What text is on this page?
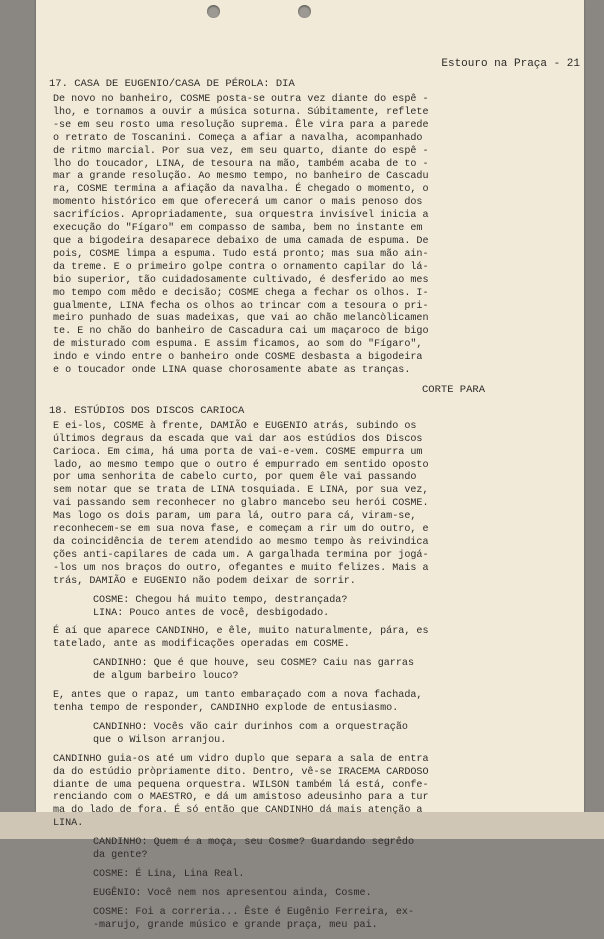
Estouro na Praça - 21
17. CASA DE EUGENIO/CASA DE PÉROLA: DIA
De novo no banheiro, COSME posta-se outra vez diante do espê -
lho, e tornamos a ouvir a música soturna. Súbitamente, reflete
-se em seu rosto uma resolução suprema. Êle vira para a parede
o retrato de Toscanini. Começa a afiar a navalha, acompanhado
de ritmo marcial. Por sua vez, em seu quarto, diante do espê -
lho do toucador, LINA, de tesoura na mão, também acaba de to -
mar a grande resolução. Ao mesmo tempo, no banheiro de Cascadu
ra, COSME termina a afiação da navalha. É chegado o momento, o
momento histórico em que oferecerá um canor o mais penoso dos
sacrifícios. Apropriadamente, sua orquestra invisível inicia a
execução do "Fígaro" em compasso de samba, bem no instante em
que a bigodeira desaparece debaixo de uma camada de espuma. De
pois, COSME limpa a espuma. Tudo está pronto; mas sua mão ain-
da treme. E o primeiro golpe contra o ornamento capilar do lá-
bio superior, tão cuidadosamente cultivado, é desferido ao mes
mo tempo com mêdo e decisão; COSME chega a fechar os olhos. I-
gualmente, LINA fecha os olhos ao trincar com a tesoura o pri-
meiro punhado de suas madeixas, que vai ao chão melancòlicamen
te. E no chão do banheiro de Cascadura cai um maçaroco de bigo
de misturado com espuma. E assim ficamos, ao som do "Fígaro",
indo e vindo entre o banheiro onde COSME desbasta a bigodeira
e o toucador onde LINA quase chorosamente abate as tranças.
CORTE PARA
18. ESTÚDIOS DOS DISCOS CARIOCA
E ei-los, COSME à frente, DAMIÃO e EUGENIO atrás, subindo os
últimos degraus da escada que vai dar aos estúdios dos Discos
Carioca. Em cima, há uma porta de vai-e-vem. COSME empurra um
lado, ao mesmo tempo que o outro é empurrado em sentido oposto
por uma senhorita de cabelo curto, por quem êle vai passando
sem notar que se trata de LINA tosquiada. E LINA, por sua vez,
vai passando sem reconhecer no glabro mancebo seu herói COSME.
Mas logo os dois param, um para lá, outro para cá, viram-se,
reconhecem-se em sua nova fase, e começam a rir um do outro, e
da coincidência de terem atendido ao mesmo tempo às reivindica
ções anti-capilares de cada um. A gargalhada termina por jogá-
-los um nos braços do outro, ofegantes e muito felizes. Mais a
trás, DAMIÃO e EUGENIO não podem deixar de sorrir.
COSME: Chegou há muito tempo, destrançada?
LINA: Pouco antes de você, desbigodado.
É aí que aparece CANDINHO, e êle, muito naturalmente, pára, es
tatelado, ante as modificações operadas em COSME.
CANDINHO: Que é que houve, seu COSME? Caiu nas garras
de algum barbeiro louco?
E, antes que o rapaz, um tanto embaraçado com a nova fachada,
tenha tempo de responder, CANDINHO explode de entusiasmo.
CANDINHO: Vocês vão cair durinhos com a orquestração
que o Wilson arranjou.
CANDINHO guia-os até um vidro duplo que separa a sala de entra
da do estúdio pròpriamente dito. Dentro, vê-se IRACEMA CARDOSO
diante de uma pequena orquestra. WILSON também lá está, confe-
renciando com o MAESTRO, e dá um amistoso adeusinho para a tur
ma do lado de fora. É só então que CANDINHO dá mais atenção a
LINA.
CANDINHO: Quem é a moça, seu Cosme? Guardando segrêdo
da gente?
COSME: É Lina, Lina Real.
EUGÊNIO: Você nem nos apresentou ainda, Cosme.
COSME: Foi a correria... Êste é Eugênio Ferreira, ex-
-marujo, grande músico e grande praça, meu pai.
